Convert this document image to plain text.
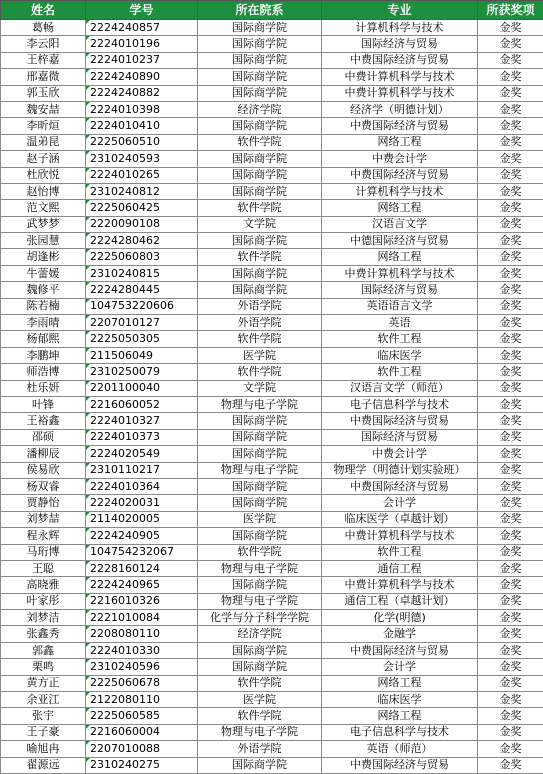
姓名	学号	所在院系	专业	所获奖项
葛畅	2224240857	国际商学院	计算机科学与技术	金奖
李云阳	2224010196	国际商学院	国际经济与贸易	金奖
王梓嘉	2224010237	国际商学院	中费国际经济与贸易	金奖
邢嘉微	2224240890	国际商学院	中费计算机科学与技术	金奖
郭玉欣	2224240882	国际商学院	中费计算机科学与技术	金奖
魏安喆	2224010398	经济学院	经济学（明德计划）	金奖
李昕烜	2224010410	国际商学院	中费国际经济与贸易	金奖
温弟昆	2225060510	软件学院	网络工程	金奖
赵子涵	2310240593	国际商学院	中费会计学	金奖
杜欣悦	2224010265	国际商学院	中费国际经济与贸易	金奖
赵怡博	2310240812	国际商学院	计算机科学与技术	金奖
范文熙	2225060425	软件学院	网络工程	金奖
武梦梦	2220090108	文学院	汉语言文学	金奖
张园慧	2224280462	国际商学院	中德国际经济与贸易	金奖
胡逢彬	2225060803	软件学院	网络工程	金奖
牛蕾媛	2310240815	国际商学院	中费计算机科学与技术	金奖
魏修平	2224280445	国际商学院	国际经济与贸易	金奖
陈若楠	104753220606	外语学院	英语语言文学	金奖
李雨晴	2207010127	外语学院	英语	金奖
杨郁熙	2225050305	软件学院	软件工程	金奖
李鹏坤	211506049	医学院	临床医学	金奖
师浩博	2310250079	软件学院	软件工程	金奖
杜乐妍	2201100040	文学院	汉语言文学（师范）	金奖
叶锋	2216060052	物理与电子学院	电子信息科学与技术	金奖
王裕鑫	2224010327	国际商学院	中费国际经济与贸易	金奖
邵硕	2224010373	国际商学院	国际经济与贸易	金奖
潘柳辰	2224020549	国际商学院	中费会计学	金奖
侯易欣	2310110217	物理与电子学院	物理学（明德计划实验班）	金奖
杨双睿	2224010364	国际商学院	中费国际经济与贸易	金奖
贾静怡	2224020031	国际商学院	会计学	金奖
刘梦喆	2114020005	医学院	临床医学（卓越计划）	金奖
程永辉	2224240905	国际商学院	中费计算机科学与技术	金奖
马珩博	104754232067	软件学院	软件工程	金奖
王聪	2228160124	物理与电子学院	通信工程	金奖
高晓雅	2224240965	国际商学院	中费计算机科学与技术	金奖
叶家彤	2216010326	物理与电子学院	通信工程（卓越计划）	金奖
刘梦洁	2221010084	化学与分子科学学院	化学(明德)	金奖
张鑫秀	2208080110	经济学院	金融学	金奖
郭鑫	2224010330	国际商学院	中费国际经济与贸易	金奖
栗鸣	2310240596	国际商学院	会计学	金奖
黄方正	2225060678	软件学院	网络工程	金奖
余亚江	2122080110	医学院	临床医学	金奖
张宇	2225060585	软件学院	网络工程	金奖
王子豪	2216060004	物理与电子学院	电子信息科学与技术	金奖
喻旭冉	2207010088	外语学院	英语（师范）	金奖
翟源远	2310240275	国际商学院	中费国际经济与贸易	金奖
